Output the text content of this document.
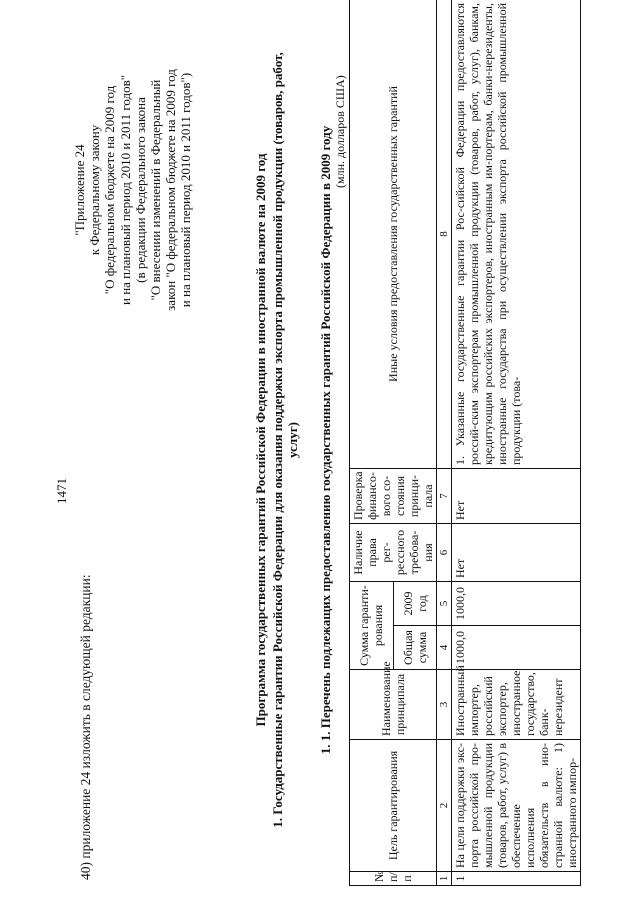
1471
40) приложение 24 изложить в следующей редакции:
"Приложение 24 к Федеральному закону "О федеральном бюджете на 2009 год и на плановый период 2010 и 2011 годов" (в редакции Федерального закона "О внесении изменений в Федеральный закон "О федеральном бюджете на 2009 год и на плановый период 2010 и 2011 годов")	Программа государственных гарантий Российской Федерации в иностранной валюте на 2009 год 1. Государственные гарантии Российской Федерации для оказания поддержки экспорта промышленной продукции (товаров, работ, услуг) 1. 1. Перечень подлежащих предоставлению государственных гарантий Российской Федерации в 2009 году (млн. долларов США)
№ п/п	Цель гарантирования	Наименование принципала	Сумма гаранти-рования		Наличие права рег-рессного требова-ния	Проверка финансо-вого со-стояния принци-пала	Иные условия предоставления государственных гарантий
			Общая сумма	2009 год			
1	2	3	4	5	6	7	8
1	На цели поддержки экс-порта российской про-мышленной продукции (товаров, работ, услуг) в обеспечение исполнения обязательств в ино-странной валюте: 1) иностранного импор-	Иностранный импортер, российский экспортер, иностранное государство, банк-нерезидент	1000,0	1000,0	Нет	Нет	1. Указанные государственные гарантии Рос-сийской Федерации предоставляются россий-ским экспортерам промышленной продукции (товаров, работ, услуг), банкам, кредитующим российских экспортеров, иностранным им-портерам, банки-нерезиденты, иностранные государства при осуществлении экспорта российской промышленной продукции (това-
